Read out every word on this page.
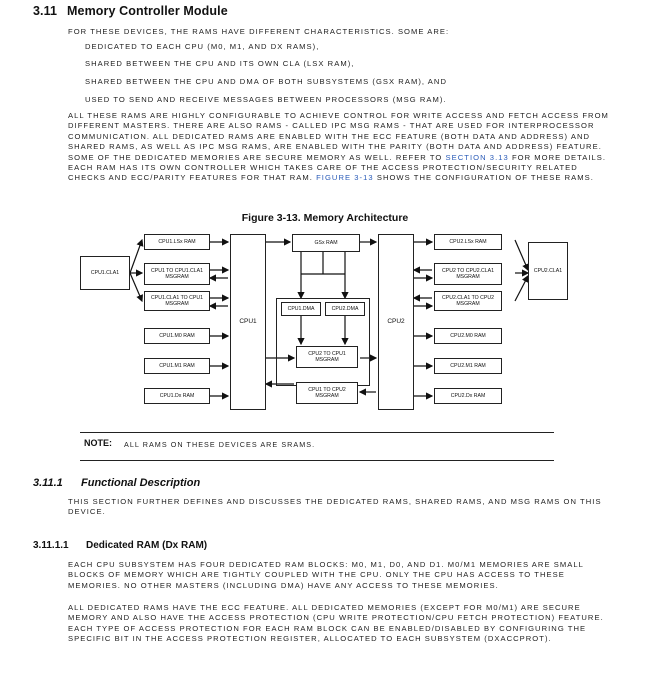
3.11 Memory Controller Module
FOR THESE DEVICES, THE RAMS HAVE DIFFERENT CHARACTERISTICS. SOME ARE:
DEDICATED TO EACH CPU (M0, M1, AND DX RAMS),
SHARED BETWEEN THE CPU AND ITS OWN CLA (LSX RAM),
SHARED BETWEEN THE CPU AND DMA OF BOTH SUBSYSTEMS (GSX RAM), AND
USED TO SEND AND RECEIVE MESSAGES BETWEEN PROCESSORS (MSG RAM).
ALL THESE RAMS ARE HIGHLY CONFIGURABLE TO ACHIEVE CONTROL FOR WRITE ACCESS AND FETCH ACCESS FROM DIFFERENT MASTERS. THERE ARE ALSO RAMS - CALLED IPC MSG RAMS - THAT ARE USED FOR INTERPROCESSOR COMMUNICATION. ALL DEDICATED RAMS ARE ENABLED WITH THE ECC FEATURE (BOTH DATA AND ADDRESS) AND SHARED RAMS, AS WELL AS IPC MSG RAMS, ARE ENABLED WITH THE PARITY (BOTH DATA AND ADDRESS) FEATURE. SOME OF THE DEDICATED MEMORIES ARE SECURE MEMORY AS WELL. REFER TO SECTION 3.13 FOR MORE DETAILS. EACH RAM HAS ITS OWN CONTROLLER WHICH TAKES CARE OF THE ACCESS PROTECTION/SECURITY RELATED CHECKS AND ECC/PARITY FEATURES FOR THAT RAM. FIGURE 3-13 SHOWS THE CONFIGURATION OF THESE RAMS.
Figure 3-13. Memory Architecture
CPU1.CLA1
CPU1.LSx RAM
CPU1 TO CPU1.CLA1 MSGRAM
CPU1.CLA1 TO CPU1 MSGRAM
CPU1.M0 RAM
CPU1.M1 RAM
CPU1.Dx RAM
CPU1
GSx RAM
CPU1.DMA	CPU2.DMA
CPU2 TO CPU1 MSGRAM
CPU1 TO CPU2 MSGRAM
CPU2
CPU2.LSx RAM
CPU2 TO CPU2.CLA1 MSGRAM
CPU2.CLA1 TO CPU2 MSGRAM
CPU2.M0 RAM
CPU2.M1 RAM
CPU2.Dx RAM
CPU2.CLA1
NOTE: ALL RAMS ON THESE DEVICES ARE SRAMS.
3.11.1 Functional Description
THIS SECTION FURTHER DEFINES AND DISCUSSES THE DEDICATED RAMS, SHARED RAMS, AND MSG RAMS ON THIS DEVICE.
3.11.1.1 Dedicated RAM (Dx RAM)
EACH CPU SUBSYSTEM HAS FOUR DEDICATED RAM BLOCKS: M0, M1, D0, AND D1. M0/M1 MEMORIES ARE SMALL BLOCKS OF MEMORY WHICH ARE TIGHTLY COUPLED WITH THE CPU. ONLY THE CPU HAS ACCESS TO THESE MEMORIES. NO OTHER MASTERS (INCLUDING DMA) HAVE ANY ACCESS TO THESE MEMORIES.
ALL DEDICATED RAMS HAVE THE ECC FEATURE. ALL DEDICATED MEMORIES (EXCEPT FOR M0/M1) ARE SECURE MEMORY AND ALSO HAVE THE ACCESS PROTECTION (CPU WRITE PROTECTION/CPU FETCH PROTECTION) FEATURE. EACH TYPE OF ACCESS PROTECTION FOR EACH RAM BLOCK CAN BE ENABLED/DISABLED BY CONFIGURING THE SPECIFIC BIT IN THE ACCESS PROTECTION REGISTER, ALLOCATED TO EACH SUBSYSTEM (DXACCPROT).
